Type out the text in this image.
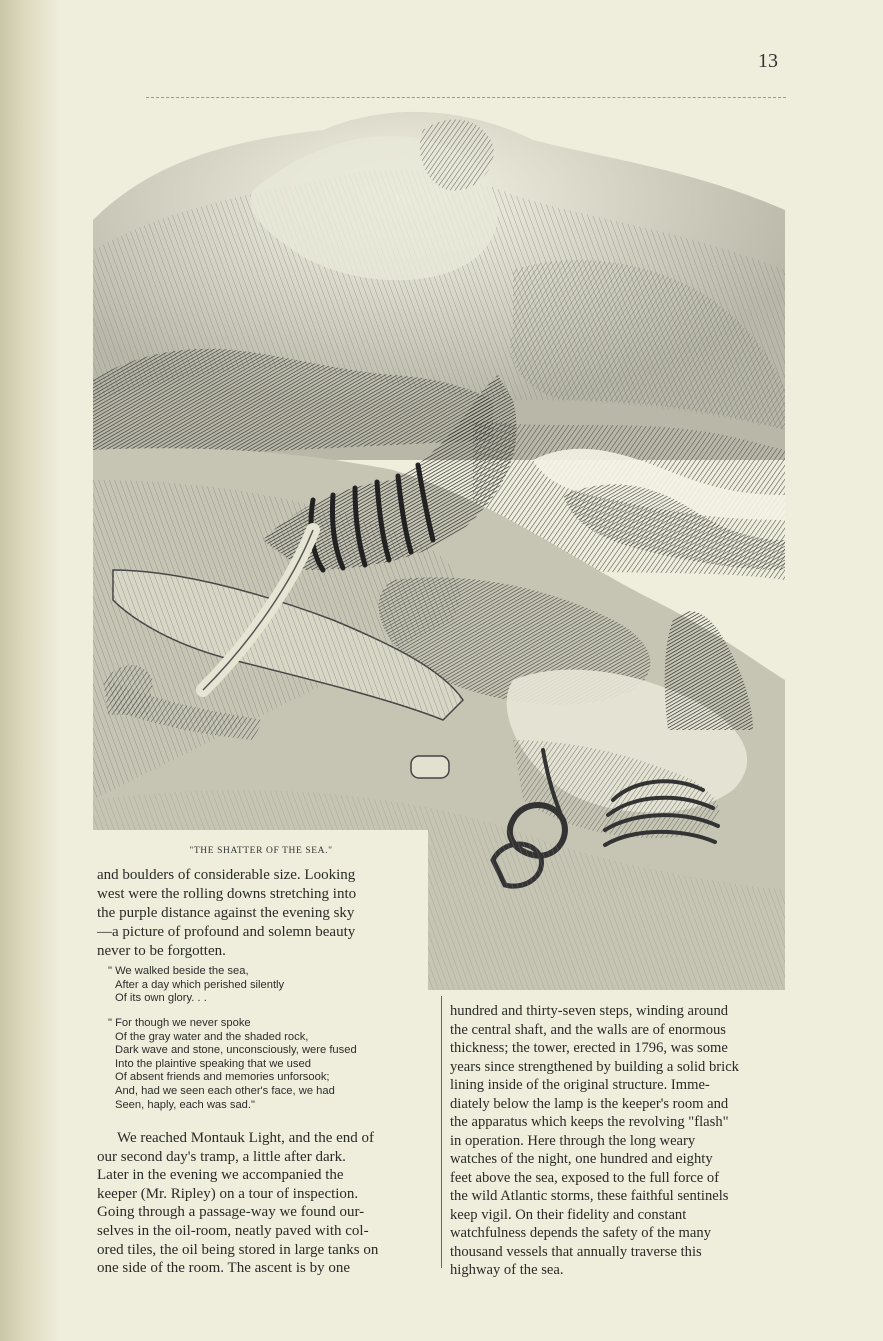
13
"THE SHATTER OF THE SEA."
and boulders of considerable size. Looking
west were the rolling downs stretching into
the purple distance against the evening sky
—a picture of profound and solemn beauty
never to be forgotten.
" We walked beside the sea,
After a day which perished silently
Of its own glory. . .
" For though we never spoke
Of the gray water and the shaded rock,
Dark wave and stone, unconsciously, were fused
Into the plaintive speaking that we used
Of absent friends and memories unforsook;
And, had we seen each other's face, we had
Seen, haply, each was sad."
We reached Montauk Light, and the end of
our second day's tramp, a little after dark.
Later in the evening we accompanied the
keeper (Mr. Ripley) on a tour of inspection.
Going through a passage-way we found our-
selves in the oil-room, neatly paved with col-
ored tiles, the oil being stored in large tanks on
one side of the room. The ascent is by one
hundred and thirty-seven steps, winding around
the central shaft, and the walls are of enormous
thickness; the tower, erected in 1796, was some
years since strengthened by building a solid brick
lining inside of the original structure. Imme-
diately below the lamp is the keeper's room and
the apparatus which keeps the revolving "flash"
in operation. Here through the long weary
watches of the night, one hundred and eighty
feet above the sea, exposed to the full force of
the wild Atlantic storms, these faithful sentinels
keep vigil. On their fidelity and constant
watchfulness depends the safety of the many
thousand vessels that annually traverse this
highway of the sea.
